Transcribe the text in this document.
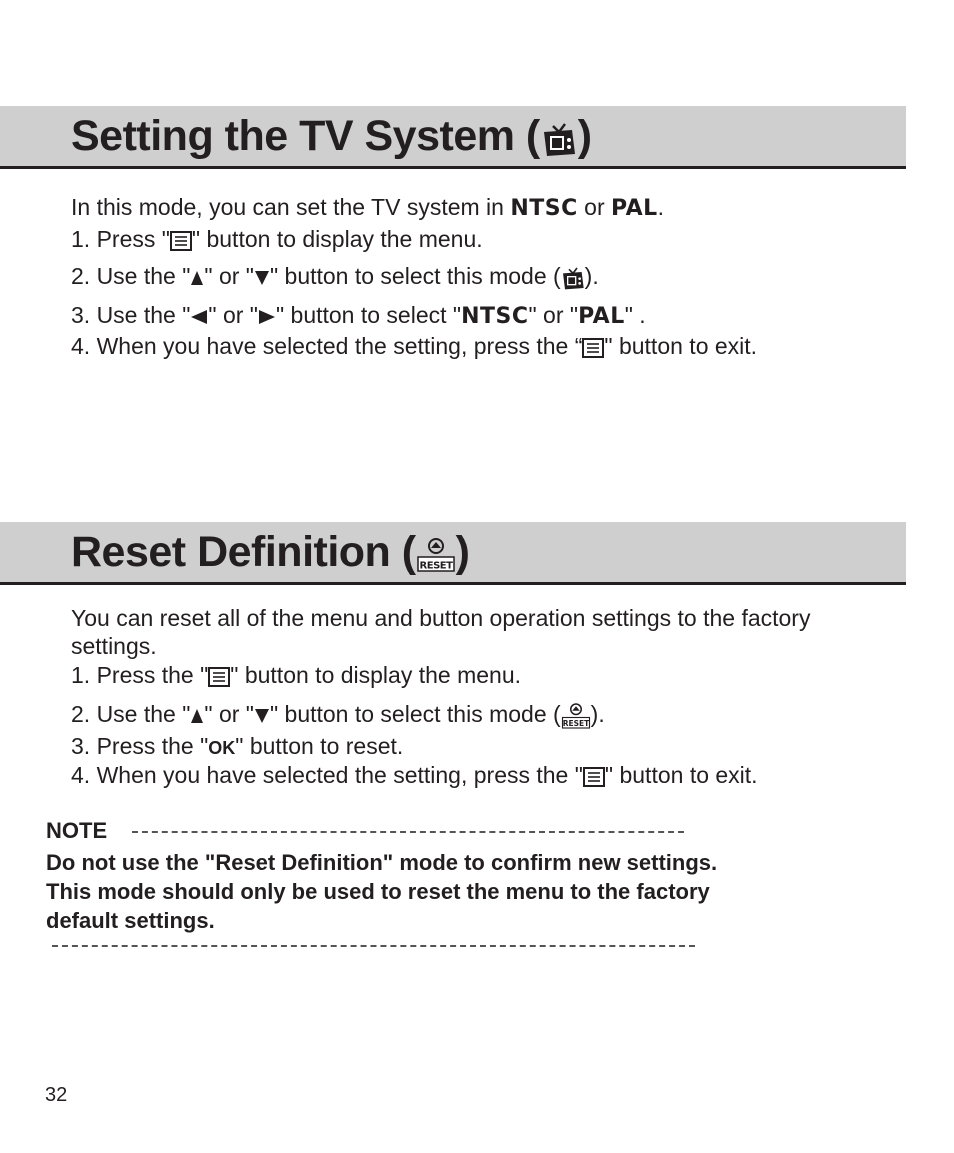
Setting the TV System ( )
In this mode, you can set the TV system in NTSC or PAL.
1. Press " " button to display the menu.
2. Use the " " or " " button to select this mode ( ).
3. Use the " " or " " button to select "NTSC" or "PAL" .
4. When you have selected the setting, press the “ " button to exit.
Reset Definition ( RESET )
You can reset all of the menu and button operation settings to the factory settings.
1. Press the " " button to display the menu.
2. Use the " " or " " button to select this mode ( RESET ).
3. Press the "OK" button to reset.
4. When you have selected the setting, press the " " button to exit.
NOTE
Do not use the "Reset Definition" mode to confirm new settings.
This mode should only be used to reset the menu to the factory
default settings.
32
